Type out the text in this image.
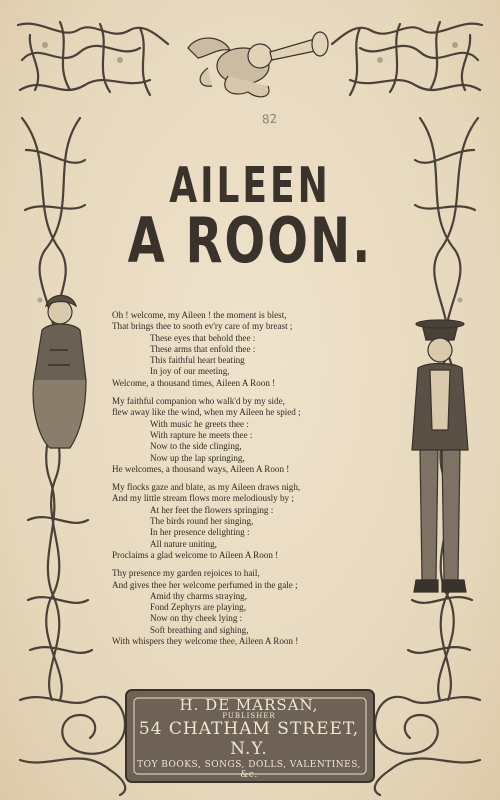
82
AILEEN
A ROON.
Oh ! welcome, my Aileen ! the moment is blest,
That brings thee to sooth ev'ry care of my breast ;
These eyes that behold thee :
These arms that enfold thee :
This faithful heart beating
In joy of our meeting,
Welcome, a thousand times, Aileen A Roon !
My faithful companion who walk'd by my side,
flew away like the wind, when my Aileen he spied ;
With music he greets thee :
With rapture he meets thee :
Now to the side clinging,
Now up the lap springing,
He welcomes, a thousand ways, Aileen A Roon !
My flocks gaze and blate, as my Aileen draws nigh,
And my little stream flows more melodiously by ;
At her feet the flowers springing :
The birds round her singing,
In her presence delighting :
All nature uniting,
Proclaims a glad welcome to Aileen A Roon !
Thy presence my garden rejoices to hail,
And gives thee her welcome perfumed in the gale ;
Amid thy charms straying,
Fond Zephyrs are playing,
Now on thy cheek lying :
Soft breathing and sighing,
With whispers they welcome thee, Aileen A Roon !
H. DE MARSAN,
PUBLISHER
54 CHATHAM STREET, N.Y.
TOY BOOKS, SONGS, DOLLS, VALENTINES, &c.
